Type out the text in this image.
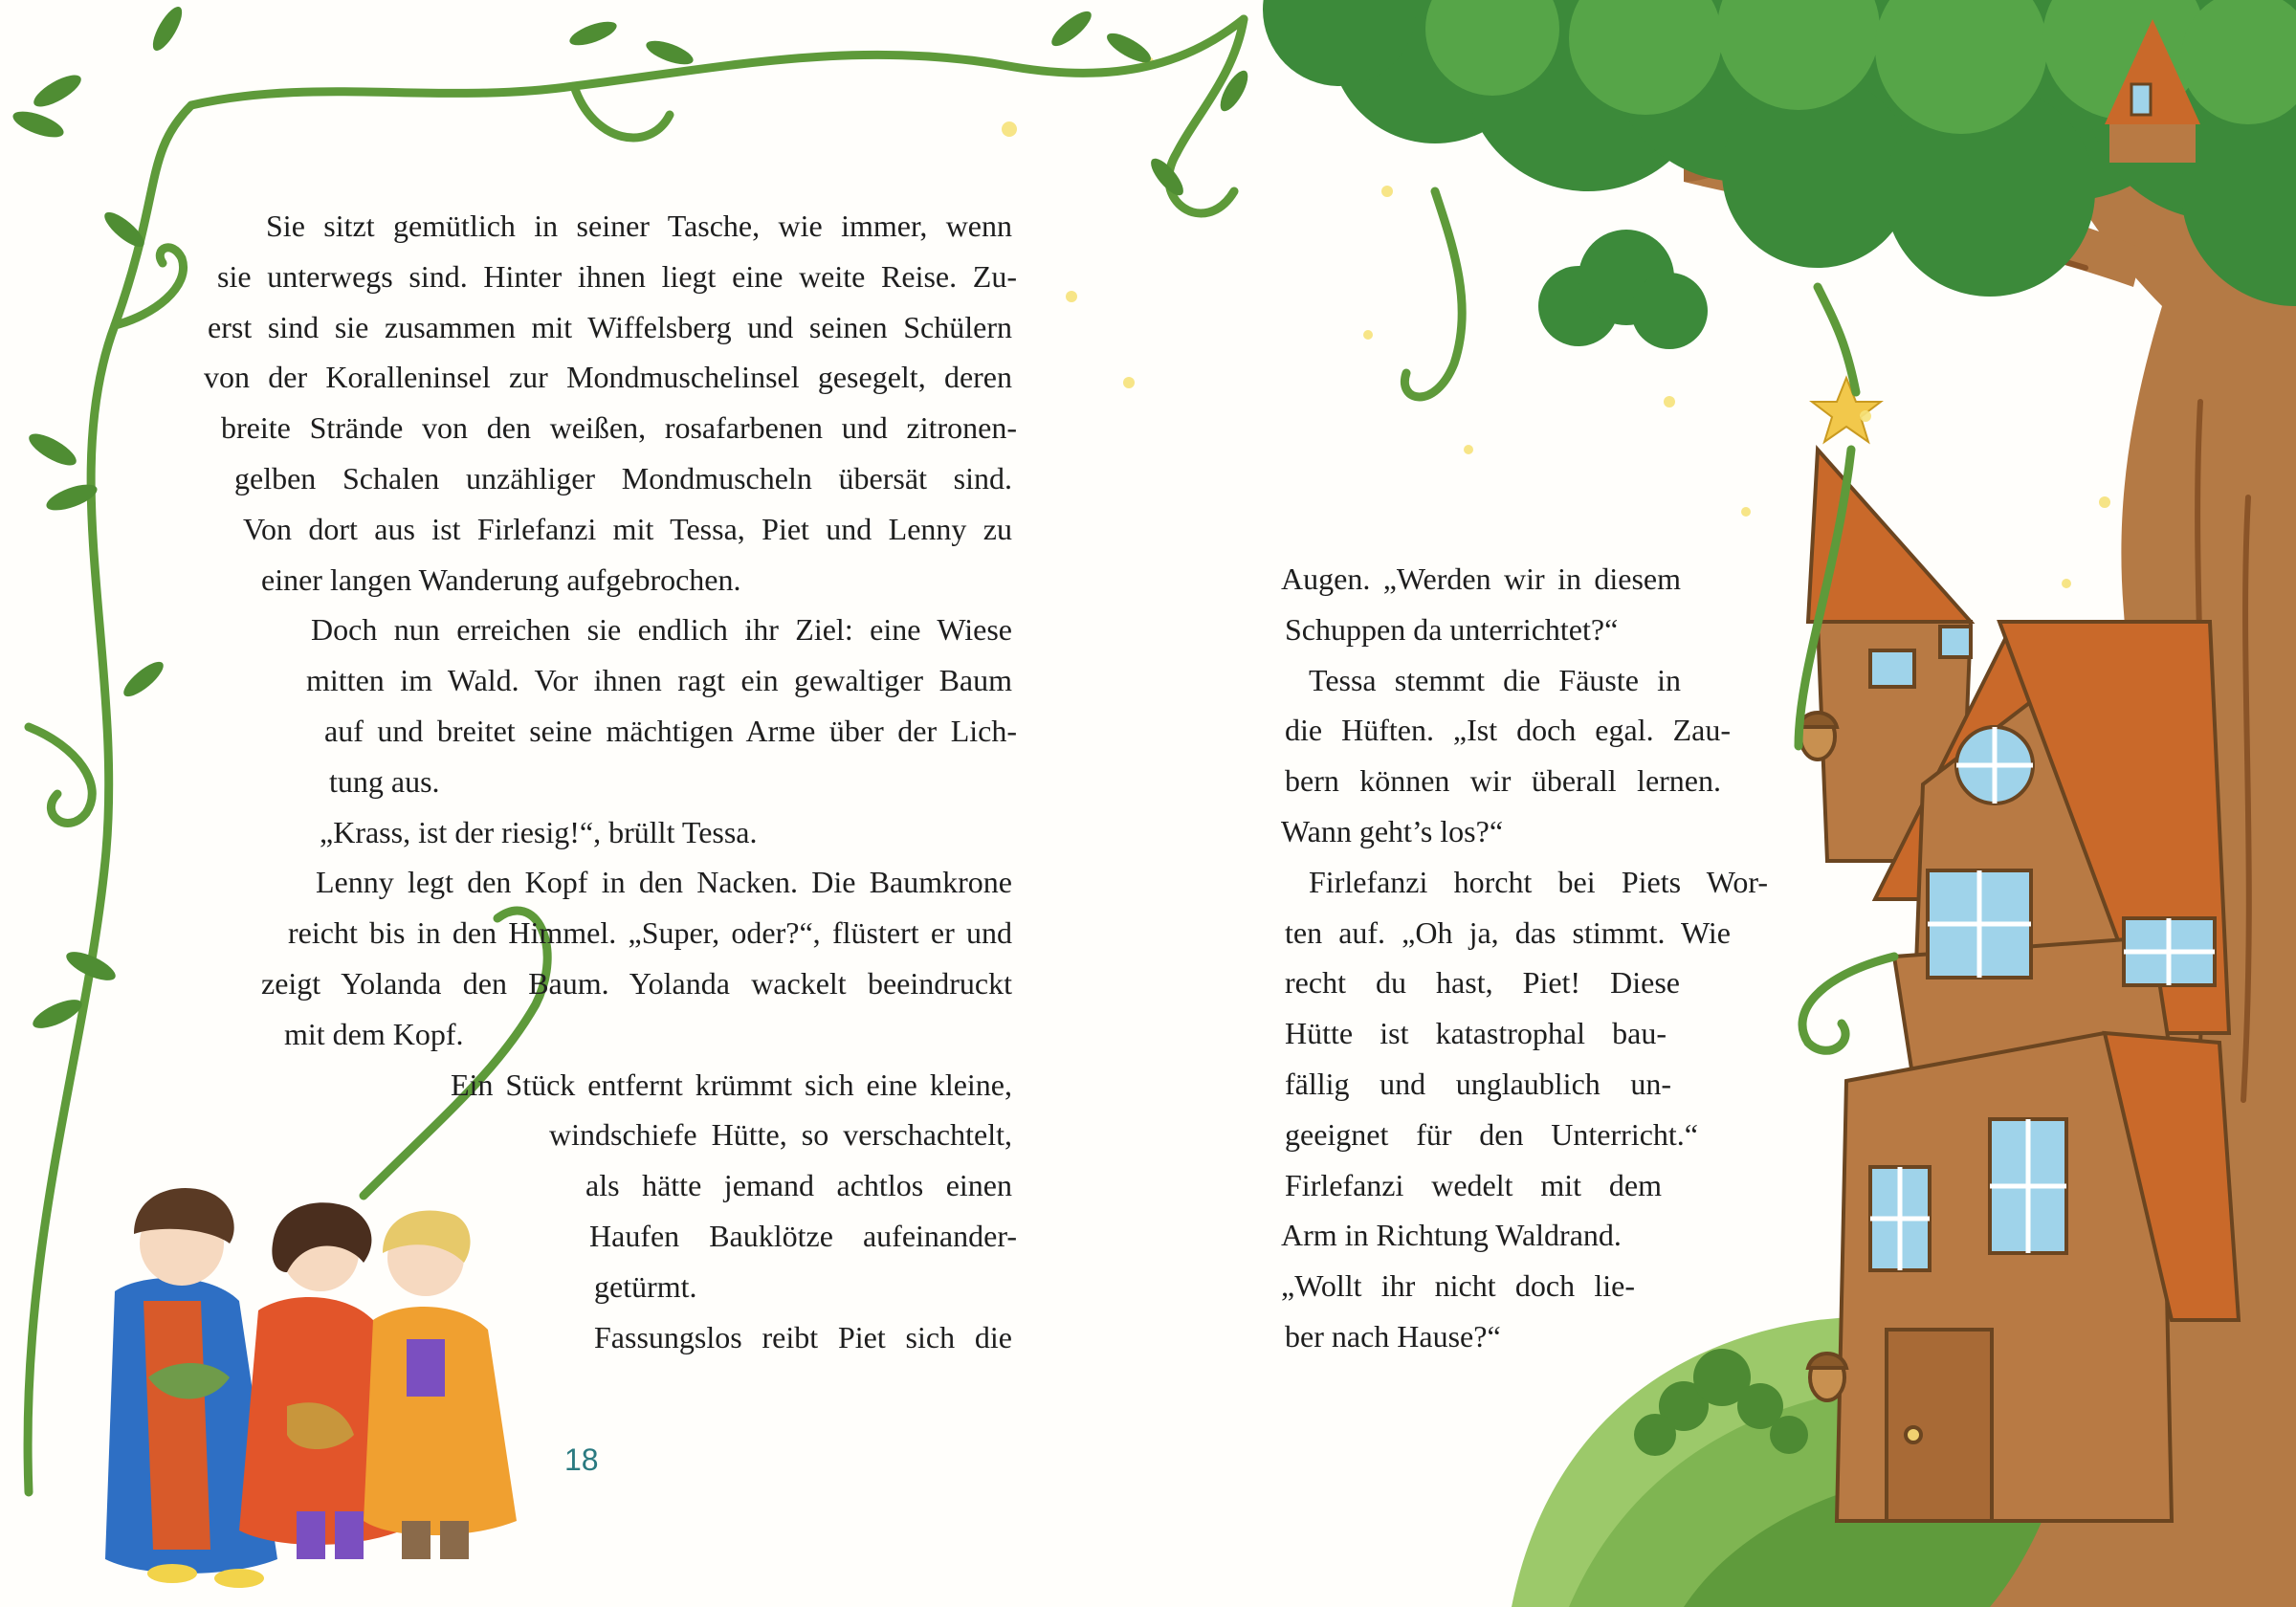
Sie sitzt gemütlich in seiner Tasche, wie immer, wenn
sie unterwegs sind. Hinter ihnen liegt eine weite Reise. Zu-
erst sind sie zusammen mit Wiffelsberg und seinen Schülern
von der Koralleninsel zur Mondmuschelinsel gesegelt, deren
breite Strände von den weißen, rosafarbenen und zitronen-
gelben Schalen unzähliger Mondmuscheln übersät sind.
Von dort aus ist Firlefanzi mit Tessa, Piet und Lenny zu
einer langen Wanderung aufgebrochen.
Doch nun erreichen sie endlich ihr Ziel: eine Wiese
mitten im Wald. Vor ihnen ragt ein gewaltiger Baum
auf und breitet seine mächtigen Arme über der Lich-
tung aus.
„Krass, ist der riesig!“, brüllt Tessa.
Lenny legt den Kopf in den Nacken. Die Baumkrone
reicht bis in den Himmel. „Super, oder?“, flüstert er und
zeigt Yolanda den Baum. Yolanda wackelt beeindruckt
mit dem Kopf.
Ein Stück entfernt krümmt sich eine kleine,
windschiefe Hütte, so verschachtelt,
als hätte jemand achtlos einen
Haufen Bauklötze aufeinander-
getürmt.
Fassungslos reibt Piet sich die
18
Augen. „Werden wir in diesem
Schuppen da unterrichtet?“
Tessa stemmt die Fäuste in
die Hüften. „Ist doch egal. Zau-
bern können wir überall lernen.
Wann geht’s los?“
Firlefanzi horcht bei Piets Wor-
ten auf. „Oh ja, das stimmt. Wie
recht du hast, Piet! Diese
Hütte ist katastrophal bau-
fällig und unglaublich un-
geeignet für den Unterricht.“
Firlefanzi wedelt mit dem
Arm in Richtung Waldrand.
„Wollt ihr nicht doch lie-
ber nach Hause?“
